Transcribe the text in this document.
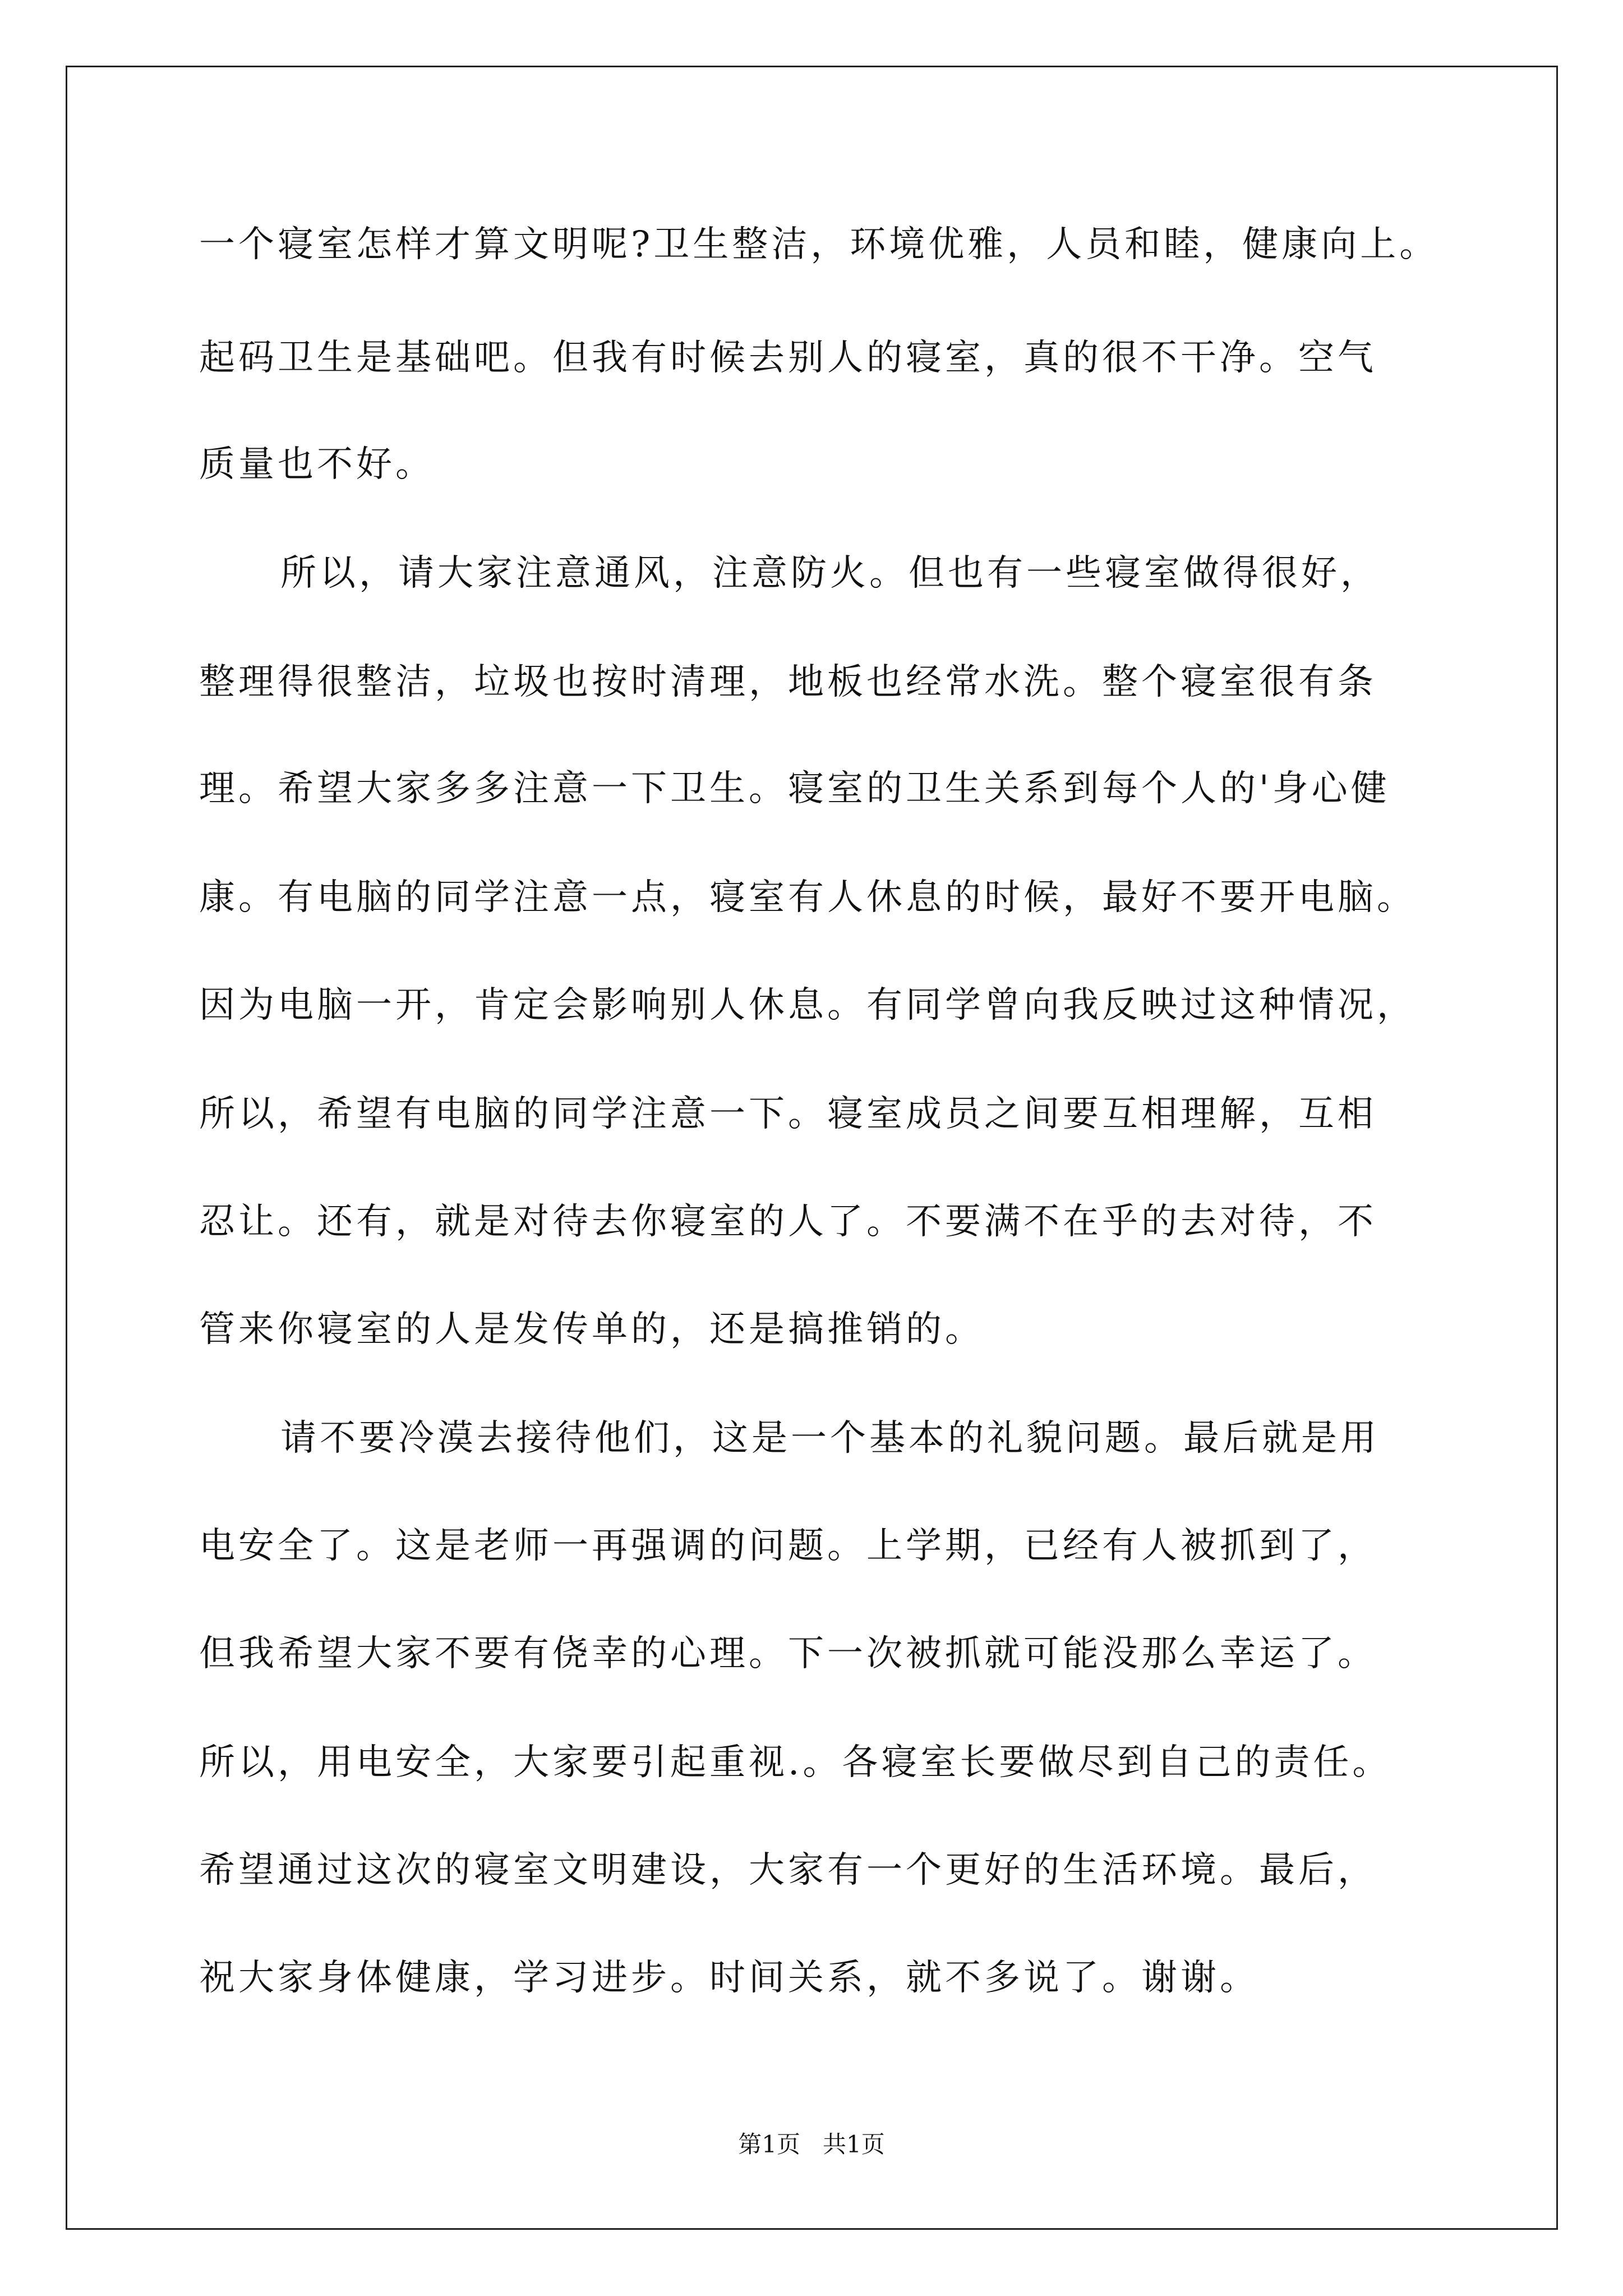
一个寝室怎样才算文明呢?卫生整洁，环境优雅，人员和睦，健康向上。
起码卫生是基础吧。但我有时候去别人的寝室，真的很不干净。空气
质量也不好。
所以，请大家注意通风，注意防火。但也有一些寝室做得很好，
整理得很整洁，垃圾也按时清理，地板也经常水洗。整个寝室很有条
理。希望大家多多注意一下卫生。寝室的卫生关系到每个人的'身心健
康。有电脑的同学注意一点，寝室有人休息的时候，最好不要开电脑。
因为电脑一开，肯定会影响别人休息。有同学曾向我反映过这种情况，
所以，希望有电脑的同学注意一下。寝室成员之间要互相理解，互相
忍让。还有，就是对待去你寝室的人了。不要满不在乎的去对待，不
管来你寝室的人是发传单的，还是搞推销的。
请不要冷漠去接待他们，这是一个基本的礼貌问题。最后就是用
电安全了。这是老师一再强调的问题。上学期，已经有人被抓到了，
但我希望大家不要有侥幸的心理。下一次被抓就可能没那么幸运了。
所以，用电安全，大家要引起重视.。各寝室长要做尽到自己的责任。
希望通过这次的寝室文明建设，大家有一个更好的生活环境。最后，
祝大家身体健康，学习进步。时间关系，就不多说了。谢谢。
第1页   共1页
